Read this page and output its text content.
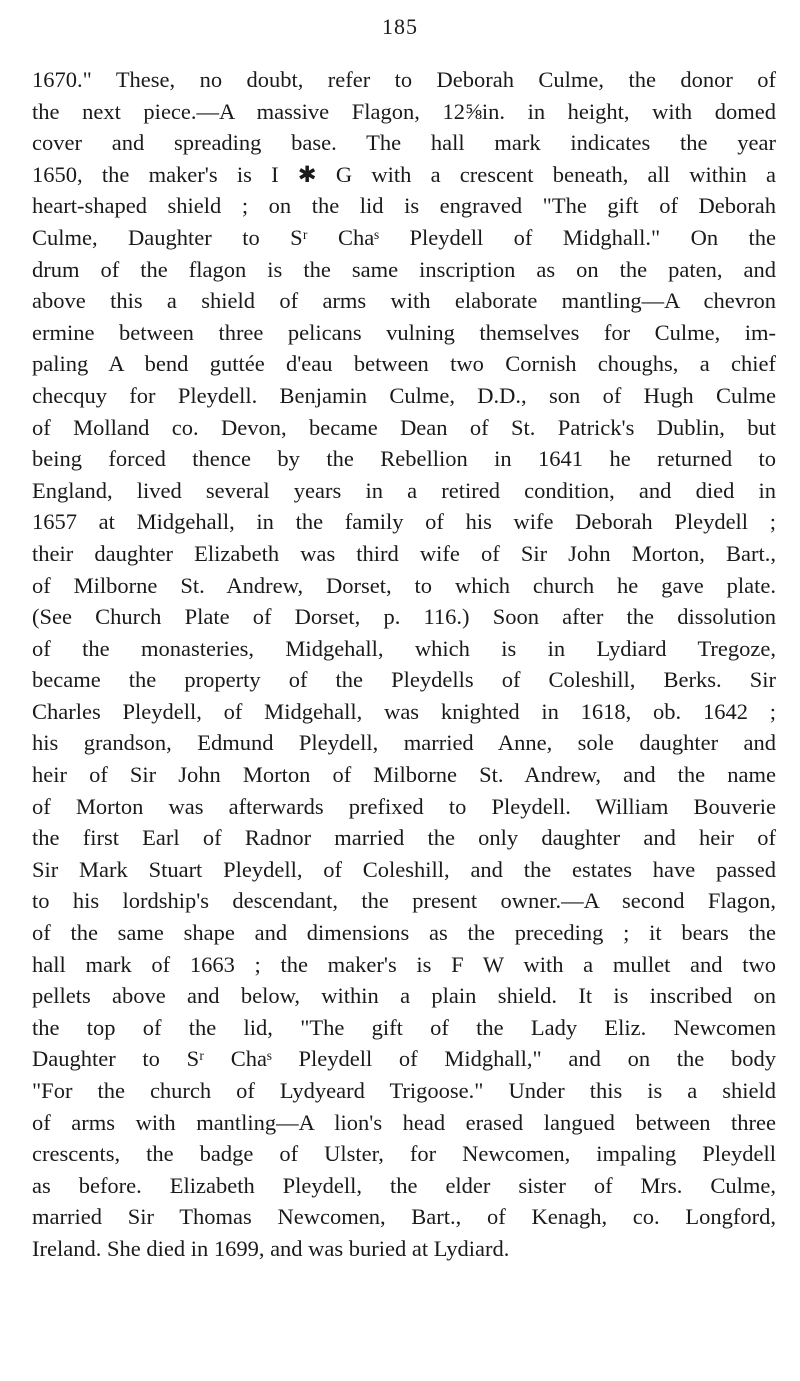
185
1670." These, no doubt, refer to Deborah Culme, the donor of
the next piece.—A massive Flagon, 12⅝in. in height, with domed
cover and spreading base. The hall mark indicates the year
1650, the maker's is I ✱ G with a crescent beneath, all within a
heart-shaped shield ; on the lid is engraved "The gift of Deborah
Culme, Daughter to Sʳ Chaˢ Pleydell of Midghall." On the
drum of the flagon is the same inscription as on the paten, and
above this a shield of arms with elaborate mantling—A chevron
ermine between three pelicans vulning themselves for Culme, im-
paling A bend guttée d'eau between two Cornish choughs, a chief
checquy for Pleydell. Benjamin Culme, D.D., son of Hugh Culme
of Molland co. Devon, became Dean of St. Patrick's Dublin, but
being forced thence by the Rebellion in 1641 he returned to
England, lived several years in a retired condition, and died in
1657 at Midgehall, in the family of his wife Deborah Pleydell ;
their daughter Elizabeth was third wife of Sir John Morton, Bart.,
of Milborne St. Andrew, Dorset, to which church he gave plate.
(See Church Plate of Dorset, p. 116.) Soon after the dissolution
of the monasteries, Midgehall, which is in Lydiard Tregoze,
became the property of the Pleydells of Coleshill, Berks. Sir
Charles Pleydell, of Midgehall, was knighted in 1618, ob. 1642 ;
his grandson, Edmund Pleydell, married Anne, sole daughter and
heir of Sir John Morton of Milborne St. Andrew, and the name
of Morton was afterwards prefixed to Pleydell. William Bouverie
the first Earl of Radnor married the only daughter and heir of
Sir Mark Stuart Pleydell, of Coleshill, and the estates have passed
to his lordship's descendant, the present owner.—A second Flagon,
of the same shape and dimensions as the preceding ; it bears the
hall mark of 1663 ; the maker's is F W with a mullet and two
pellets above and below, within a plain shield. It is inscribed on
the top of the lid, "The gift of the Lady Eliz. Newcomen
Daughter to Sʳ Chaˢ Pleydell of Midghall," and on the body
"For the church of Lydyeard Trigoose." Under this is a shield
of arms with mantling—A lion's head erased langued between three
crescents, the badge of Ulster, for Newcomen, impaling Pleydell
as before. Elizabeth Pleydell, the elder sister of Mrs. Culme,
married Sir Thomas Newcomen, Bart., of Kenagh, co. Longford,
Ireland. She died in 1699, and was buried at Lydiard.
